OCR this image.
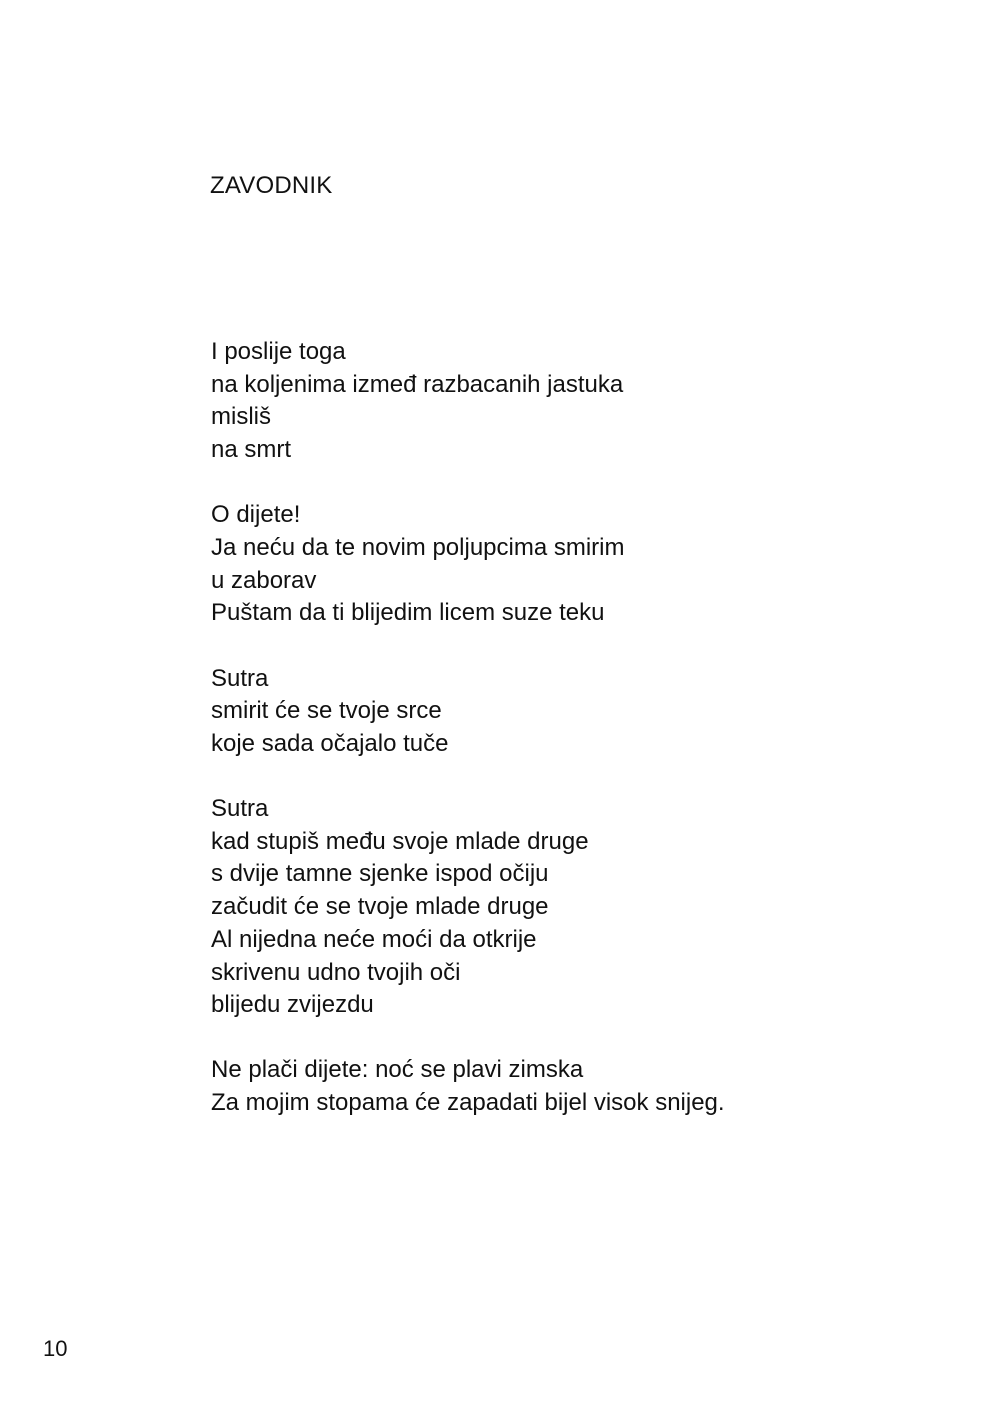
ZAVODNIK
I poslije toga
na koljenima izmeđ razbacanih jastuka
misliš
na smrt
O dijete!
Ja neću da te novim poljupcima smirim
u zaborav
Puštam da ti blijedim licem suze teku
Sutra
smirit će se tvoje srce
koje sada očajalo tuče
Sutra
kad stupiš među svoje mlade druge
s dvije tamne sjenke ispod očiju
začudit će se tvoje mlade druge
Al nijedna neće moći da otkrije
skrivenu udno tvojih oči
blijedu zvijezdu
Ne plači dijete: noć se plavi zimska
Za mojim stopama će zapadati bijel visok snijeg.
10
